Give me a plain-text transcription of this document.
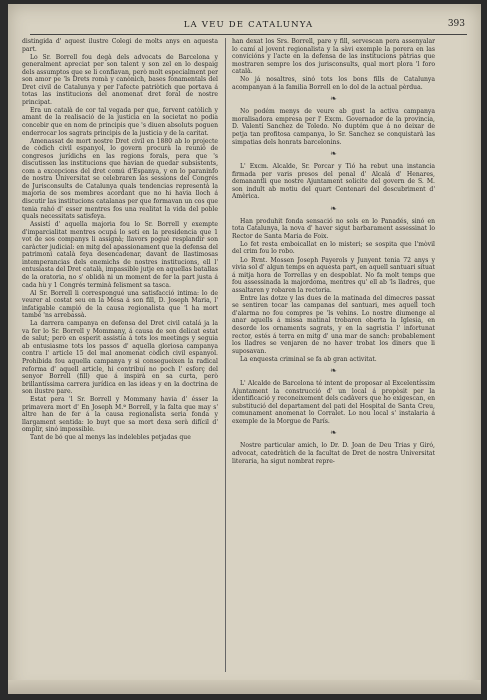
LA VEU DE CATALUNYA	393

distingida d' aquest ilustre Colegi de molts anys en aquesta part.

Lo Sr. Borrell fou degà dels advocats de Barcelona y generalment apreciat per son talent y son zel en lo despaig dels assumptos que se li confiavan, però molt especialment per son amor pe 'ls Drets romà y canònich, bases fonamentals del Dret civil de Catalunya y per l'afecte patriòtich que portava á totas las institucions del anomenat dret foral de nostre principat.

Era un català de cor tal vegada per que, fervent catòlich y amant de la realisació de la justicia en la societat no podia concebir que en nom de principis que 's diuen absoluts poguen enderrocar los sagrats principis de la justicia y de la caritat.

Amenassat de mort nostre Dret civil en 1880 ab lo projecte de còdich civil espanyol, lo govern procurà la reunió de congresos jurídichs en las regions forals, pera que 's discutissen las institucions que havian de quedar subsistents, com a excepcions del dret comú d'Espanya, y en lo paraninfo de nostra Universitat se celebraren las sessions del Congrés de Jurisconsults de Catalunya quals tendencias representà la majoria de sos membres acordant que no hi havia lloch á discutir las institucions catalanas per que formavan un cos que tenia rahó d' esser mentres fos una realitat la vida del poble quals necessitats satisfeya.

Assistí d' aquella majoria fou lo Sr. Borrell y exempte d'imparcialitat mentres ocupá lo seti en la presidencia que 1 vot de sos companys li assignà; llavors pogué resplandir son caràcter judicial: en mitg del apassionament que la defensa del patrimoni català feya desencadenar, davant de llastimosas intemperancias dels enemichs de nostres institucions, ell l' entusiasta del Dret català, impassible jutje en aquellas batallas de la oratoria, no s' oblidà ni un moment de fer la part justa á cada hù y 1 Congrés terminà felisment sa tasca.

Al Sr. Borrell li correspongué una satisfacció intima: lo de veurer al costat seu en la Mesa á son fill, D. Joseph Maria, l' infatigable campió de la causa regionalista que 'l ha mort també 'ns arrebassà.

La darrera campanya en defensa del Dret civil catalá ja la va fer lo Sr. Borrell y Mommany, á causa de son delicat estat de salut; però en esperit assistia á tots los meetings y seguia ab entusiasme tots los passos d' aquella gloriosa campanya contra l' article 15 del mal anomenat còdich civil espanyol. Prohibida fou aquella campanya y si consegueixen la radical reforma d' aquell article, hi contribuí no poch l' esforç del senyor Borrell (fill) que á inspirà en sa curta, però brillantíssima carrera jurídica en las ideas y en la doctrina de son ilustre pare.

Estat pera 'l Sr. Borrell y Mommany havia d' ésser la primavera mort d' En Joseph M.ª Borrell, y la falta que may s' altre han de fer á la causa regionalista seria fonda y llargament sentida: lo buyt que sa mort dexa serà difícil d' omplir, sinó impossible.

Tant de bó que al menys las indelebles petjadas que

han dexat los Srs. Borrell, pare y fill, servescan pera assenyalar lo camí al jovent regionalista y la sàvi exemple la porera en las convicións y l'acte en la defensa de las institucions pàtrias que mostraren sempre los dos jurisconsults, qual mort plora 'l foro català.

No já nosaltres, sinó tots los bons fills de Catalunya acompanyan á la familia Borrell en lo dol de la actual pèrdua.

❧

No podém menys de veure ab gust la activa campanya moralisadora empresa per l' Excm. Governador de la provincia, D. Valentí Sanchez de Toledo. No duptém que á no deixar de petja tan profitosa campanya, lo Sr. Sanchez se conquistarà las simpatias dels honrats barcelonins.

❧

L' Excm. Alcalde, Sr. Porcar y Tió ha rebut una instancia firmada per varis presos del penal d' Alcalá d' Henares, demanantli que nostre Ajuntament solicite del govern de S. M. son indult ab motiu del quart Centenari del descubriment d' Amèrica.

❧

Han produhit fonda sensació no sols en lo Panadés, sinó en tota Catalunya, la nova d' haver sigut barbarament assessinat lo Rector de Santa Maria de Foix.

Lo fet resta emboicallat en lo misteri; se sospita que l'mòvil del crim fou lo robo.

Lo Rvnt. Mossen Joseph Payerols y Junyent tenia 72 anys y vivia sol d' algun temps en aquesta part, en aquell santuari situat á mitja hora de Torrellas y en despoblat. No fa molt temps que fou assessinada la majordoma, mentres qu' ell ab 'ls lladres, que assaltaren y robaren la rectoria.

Entre las dotze y las dues de la matinada del dimecres passat se sentiren tocar las campanas del santuari, mes aquell toch d'alarma no fou compres pe 'ls vehins. Lo nostre diumenge al anar aquells á missa matinal trobaren oberta la Iglesia, en desorde los ornaments sagrats, y en la sagristia l' infortunat rector, estés á terra en mitg d' una mar de sanch: probablement los lladres se venjaren de no haver trobat los diners que li suposavan.

La enquesta criminal se fa ab gran activitat.

❧

L' Alcalde de Barcelona té intent de proposar al Excelentíssim Ajuntament la construcció d' un local á propòsit per la identificació y reconeixement dels cadàvers que ho exigescan, en substitució del departament del pati del Hospital de Santa Creu, comunament anomenat lo Corralet. Lo nou local s' instalaria á exemple de la Morgue de París.

❧

Nostre particular amich, lo Dr. D. Joan de Deu Trias y Giró, advocat, catedràtich de la facultat de Dret de nostra Universitat literaria, ha sigut nombrat repre-
